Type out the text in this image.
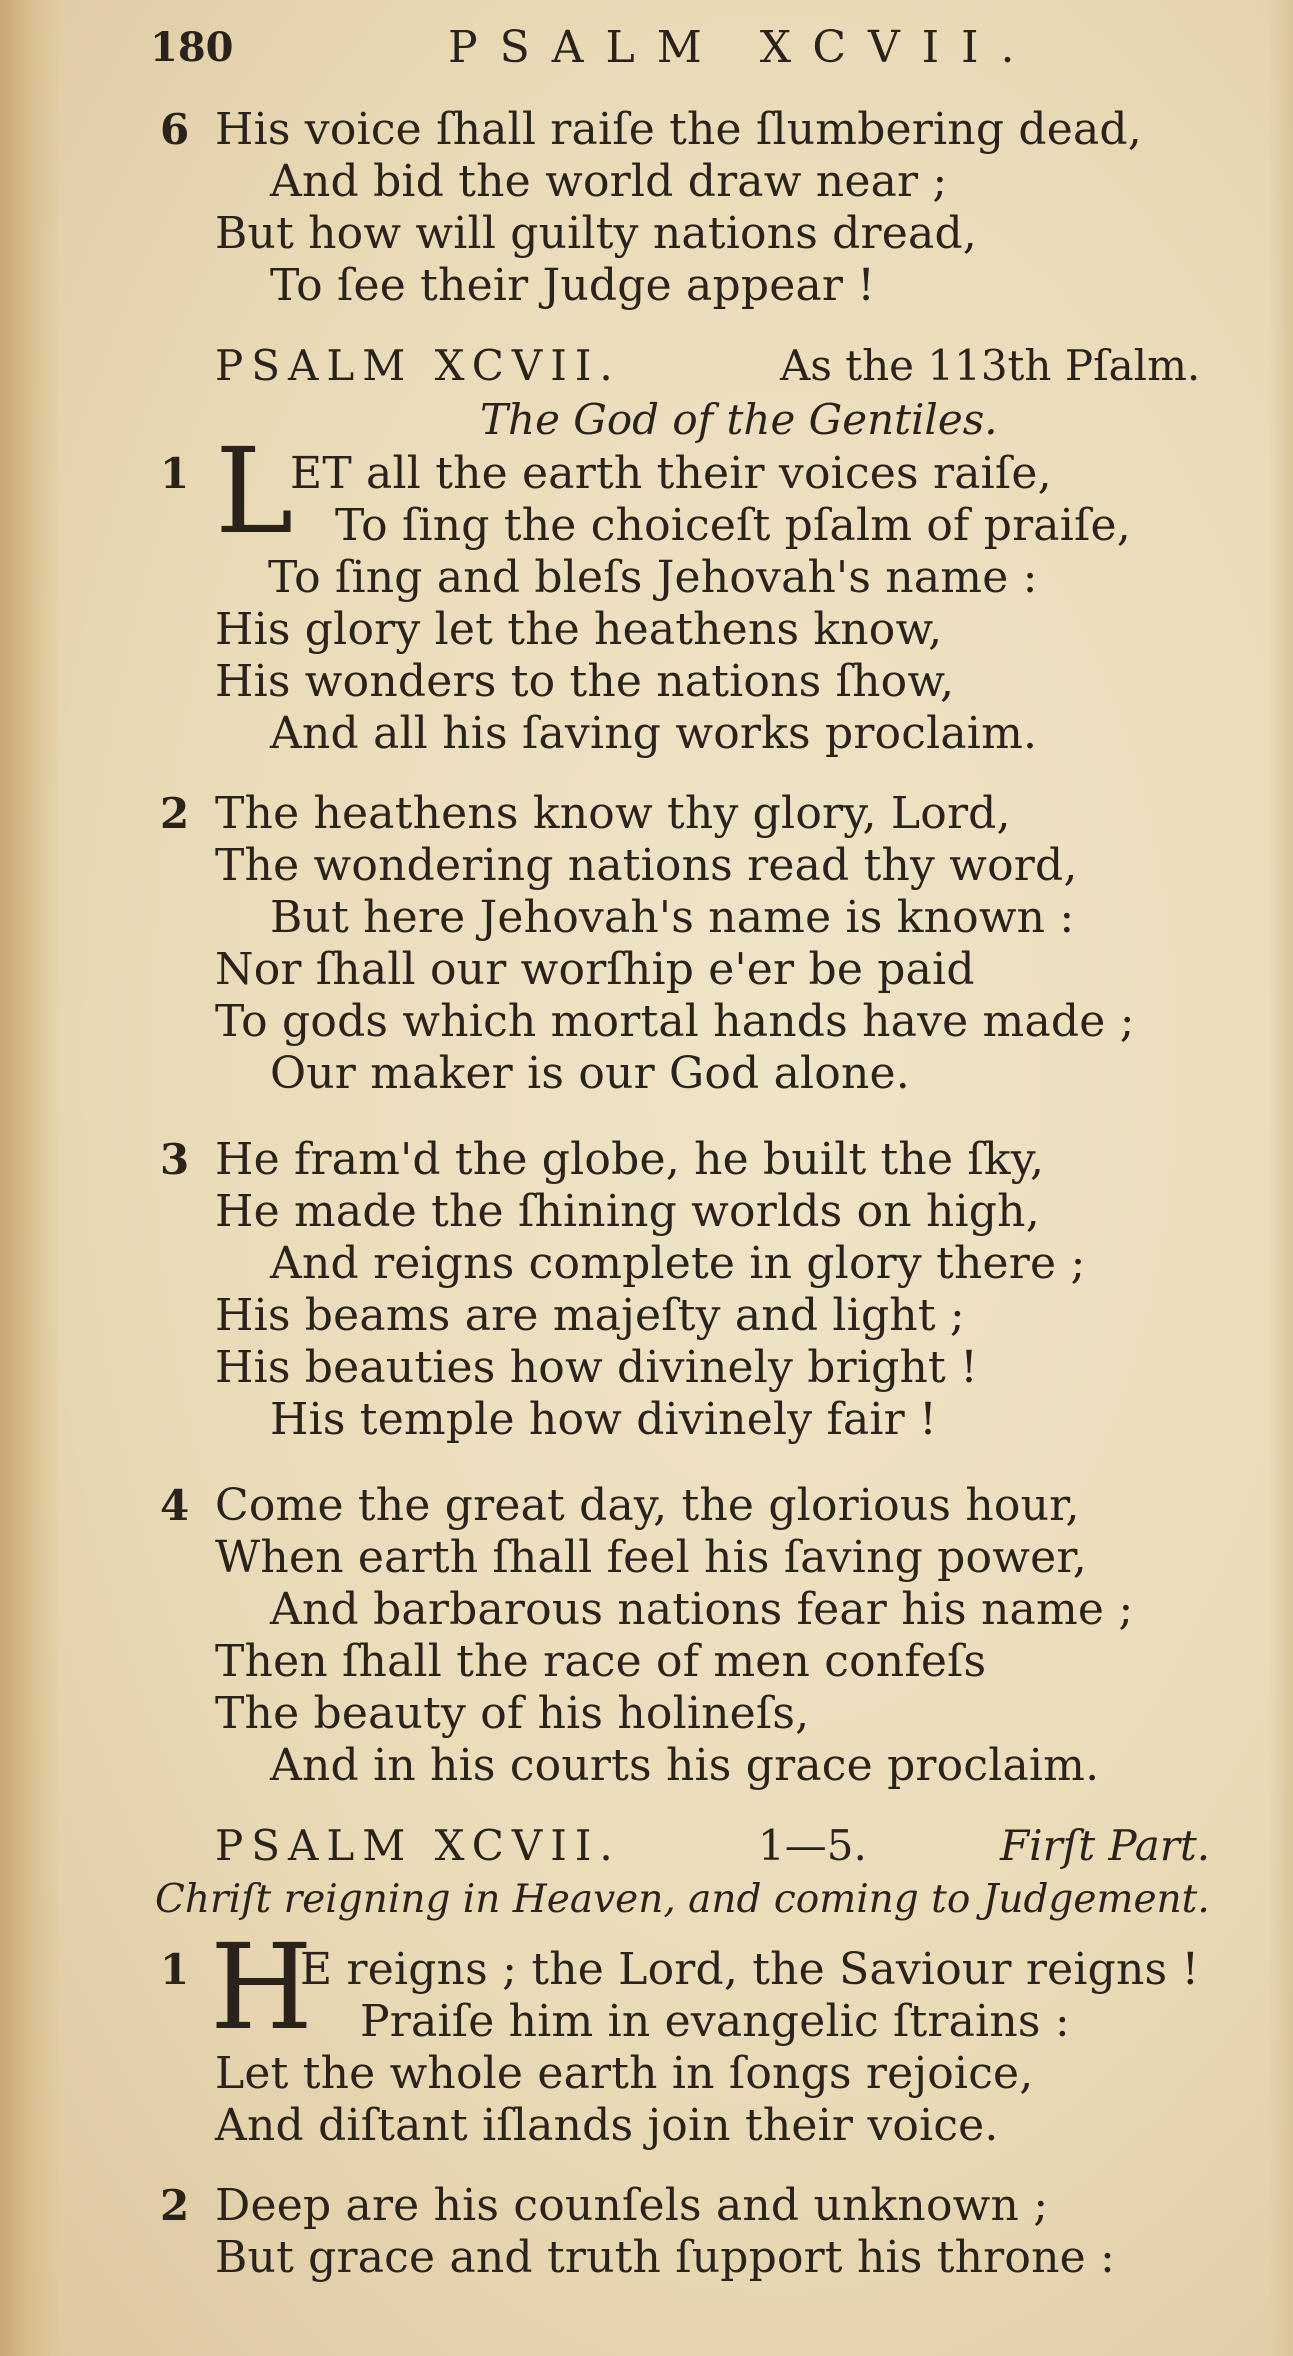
180	PSALM XCVII.
6 His voice ſhall raiſe the ſlumbering dead,
And bid the world draw near ;
But how will guilty nations dread,
To ſee their Judge appear !
PSALM XCVII.	As the 113th Pſalm.
The God of the Gentiles.
1 L
ET all the earth their voices raiſe,
To ſing the choiceſt pſalm of praiſe,
To ſing and bleſs Jehovah's name :
His glory let the heathens know,
His wonders to the nations ſhow,
And all his ſaving works proclaim.
2 The heathens know thy glory, Lord,
The wondering nations read thy word,
But here Jehovah's name is known :
Nor ſhall our worſhip e'er be paid
To gods which mortal hands have made ;
Our maker is our God alone.
3 He fram'd the globe, he built the ſky,
He made the ſhining worlds on high,
And reigns complete in glory there ;
His beams are majeſty and light ;
His beauties how divinely bright !
His temple how divinely fair !
4 Come the great day, the glorious hour,
When earth ſhall feel his ſaving power,
And barbarous nations fear his name ;
Then ſhall the race of men confeſs
The beauty of his holineſs,
And in his courts his grace proclaim.
PSALM XCVII.	1—5.	Firſt Part.
Chriſt reigning in Heaven, and coming to Judgement.
1 H
E reigns ; the Lord, the Saviour reigns !
Praiſe him in evangelic ſtrains :
Let the whole earth in ſongs rejoice,
And diſtant iſlands join their voice.
2 Deep are his counſels and unknown ;
But grace and truth ſupport his throne :
